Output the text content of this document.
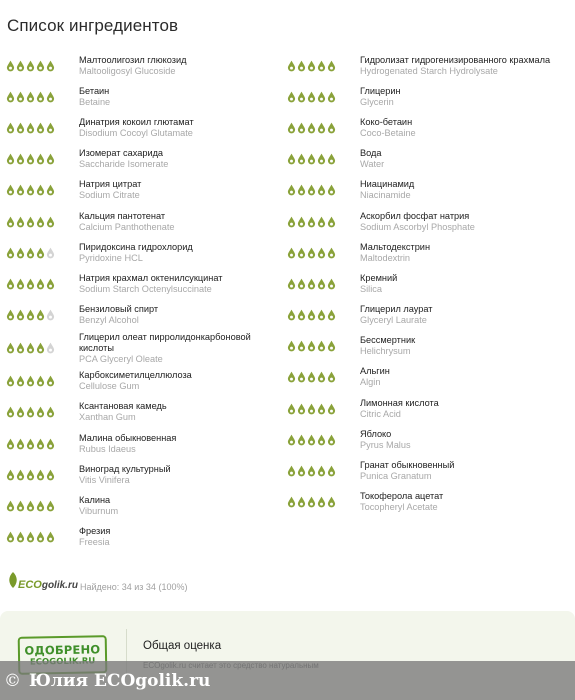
Список ингредиентов
Малтоолигозил глюкозид
Maltooligosyl Glucoside
Бетаин
Betaine
Динатрия кокоил глютамат
Disodium Cocoyl Glutamate
Изомерат сахарида
Saccharide Isomerate
Натрия цитрат
Sodium Citrate
Кальция пантотенат
Calcium Panthothenate
Пиридоксина гидрохлорид
Pyridoxine HCL
Натрия крахмал октенилсукцинат
Sodium Starch Octenylsuccinate
Бензиловый спирт
Benzyl Alcohol
Глицерил олеат пирролидонкарбоновой кислоты
PCA Glyceryl Oleate
Карбоксиметилцеллюлоза
Cellulose Gum
Ксантановая камедь
Xanthan Gum
Малина обыкновенная
Rubus Idaeus
Виноград культурный
Vitis Vinifera
Калина
Viburnum
Фрезия
Freesia
Гидролизат гидрогенизированного крахмала
Hydrogenated Starch Hydrolysate
Глицерин
Glycerin
Коко-бетаин
Coco-Betaine
Вода
Water
Ниацинамид
Niacinamide
Аскорбил фосфат натрия
Sodium Ascorbyl Phosphate
Мальтодекстрин
Maltodextrin
Кремний
Silica
Глицерил лаурат
Glyceryl Laurate
Бессмертник
Helichrysum
Альгин
Algin
Лимонная кислота
Citric Acid
Яблоко
Pyrus Malus
Гранат обыкновенный
Punica Granatum
Токоферола ацетат
Tocopheryl Acetate
ECO golik.ru Найдено: 34 из 34 (100%)
ОДОБРЕНО	Общая оценка
© Юлия ECOgolik.ru
